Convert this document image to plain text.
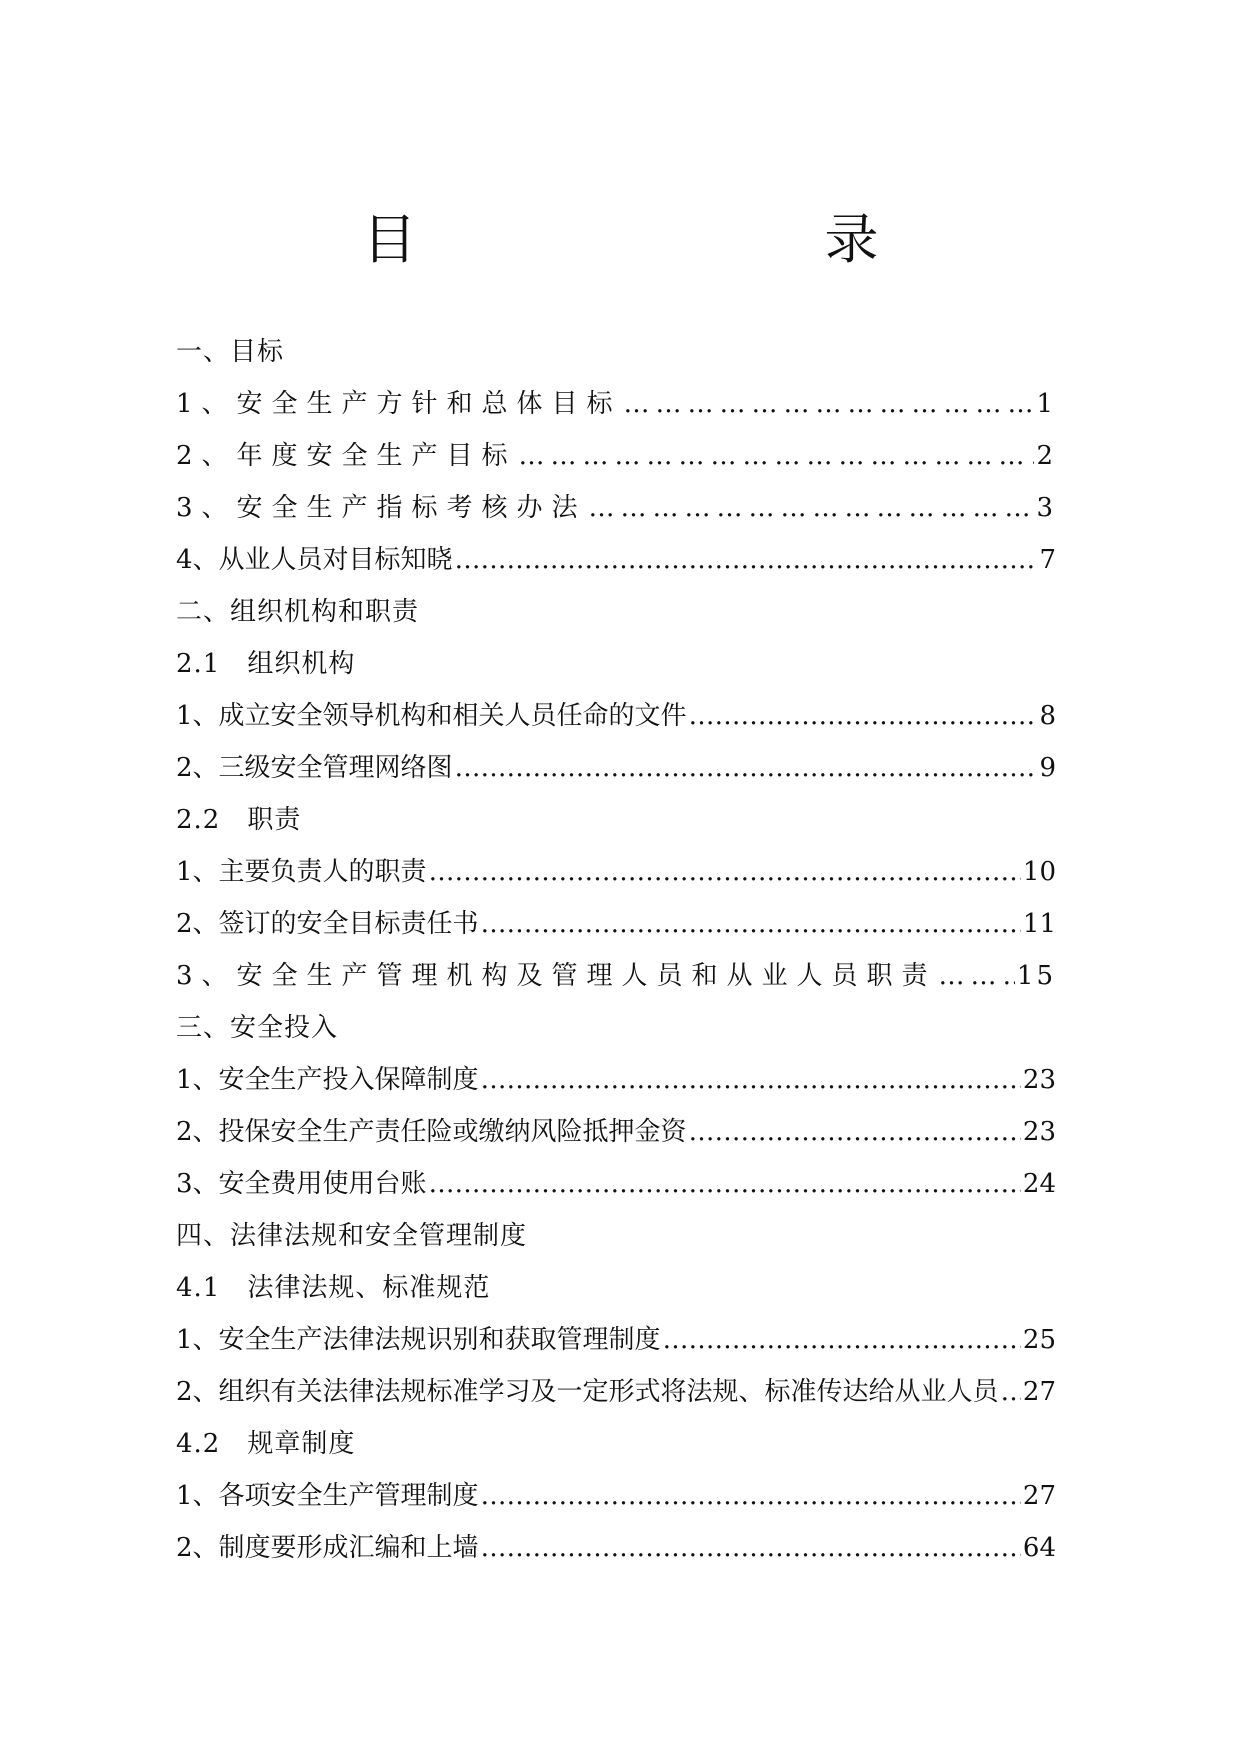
目　　录
一、目标
1、安全生产方针和总体目标 …………………………………………………………………………………………………………………………………………………………………………………………………	1
2、年度安全生产目标 …………………………………………………………………………………………………………………………………………………………………………………………………	2
3、安全生产指标考核办法 …………………………………………………………………………………………………………………………………………………………………………………………………	3
4、从业人员对目标知晓 …………………………………………………………………………………………………………………………………………………………………………………………………	7
二、组织机构和职责
2.1　组织机构
1、成立安全领导机构和相关人员任命的文件 …………………………………………………………………………………………………………………………………………………………………………………………………	8
2、三级安全管理网络图 …………………………………………………………………………………………………………………………………………………………………………………………………	9
2.2　职责
1、主要负责人的职责 …………………………………………………………………………………………………………………………………………………………………………………………………	10
2、签订的安全目标责任书 …………………………………………………………………………………………………………………………………………………………………………………………………	11
3、安全生产管理机构及管理人员和从业人员职责 …………………………………………………………………………………………………………………………………………………………………………………………………	15
三、安全投入
1、安全生产投入保障制度 …………………………………………………………………………………………………………………………………………………………………………………………………	23
2、投保安全生产责任险或缴纳风险抵押金资 …………………………………………………………………………………………………………………………………………………………………………………………………	23
3、安全费用使用台账 …………………………………………………………………………………………………………………………………………………………………………………………………	24
四、法律法规和安全管理制度
4.1　法律法规、标准规范
1、安全生产法律法规识别和获取管理制度 …………………………………………………………………………………………………………………………………………………………………………………………………	25
2、组织有关法律法规标准学习及一定形式将法规、标准传达给从业人员 ………………………………………………………………………………………………………………………………………………………………………………………………… 27
4.2　规章制度
1、各项安全生产管理制度 …………………………………………………………………………………………………………………………………………………………………………………………………	27
2、制度要形成汇编和上墙 …………………………………………………………………………………………………………………………………………………………………………………………………	64
